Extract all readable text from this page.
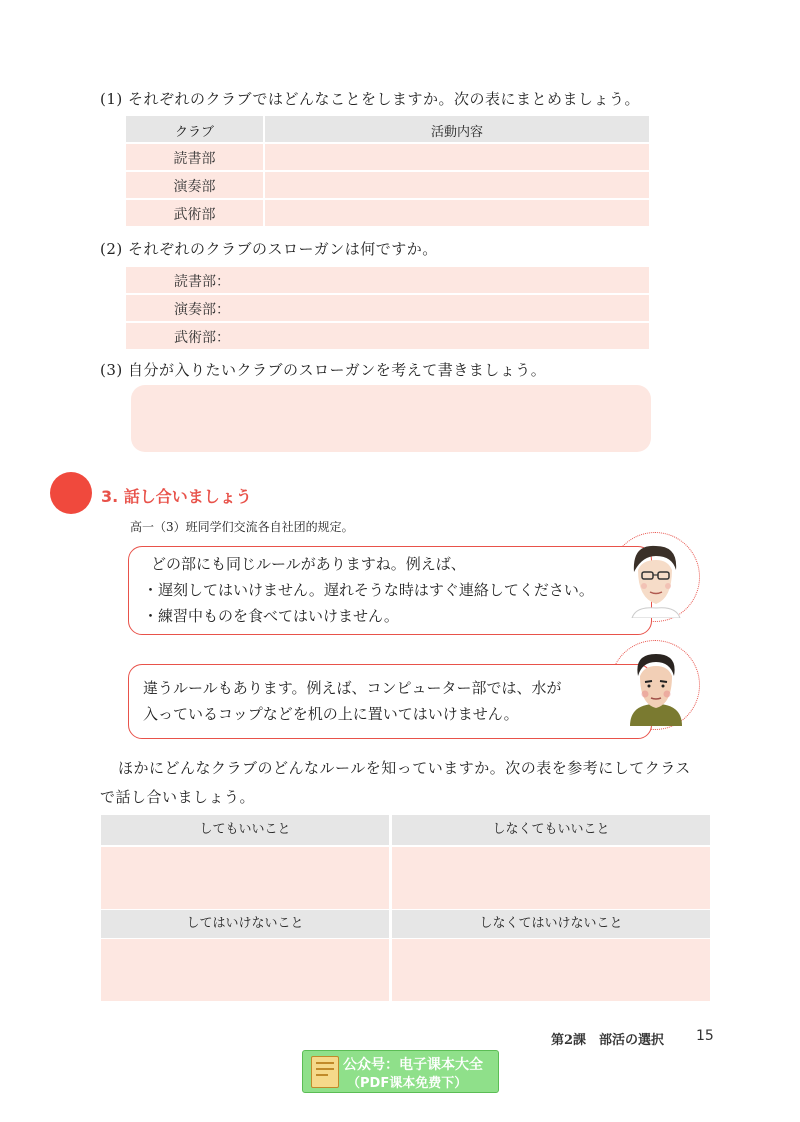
(1) それぞれのクラブではどんなことをしますか。次の表にまとめましょう。
クラブ	活動内容
読書部
演奏部
武術部
(2) それぞれのクラブのスローガンは何ですか。
読書部：
演奏部：
武術部：
(3) 自分が入りたいクラブのスローガンを考えて書きましょう。
3. 話し合いましょう
高一（3）班同学们交流各自社团的规定。
どの部にも同じルールがありますね。例えば、
・遅刻してはいけません。遅れそうな時はすぐ連絡してください。
・練習中ものを食べてはいけません。
違うルールもあります。例えば、コンピューター部では、水が
入っているコップなどを机の上に置いてはいけません。
ほかにどんなクラブのどんなルールを知っていますか。次の表を参考にしてクラス
で話し合いましょう。
してもいいこと	しなくてもいいこと
してはいけないこと	しなくてはいけないこと
第2課　部活の選択 15
公众号：电子课本大全
（PDF课本免费下）
